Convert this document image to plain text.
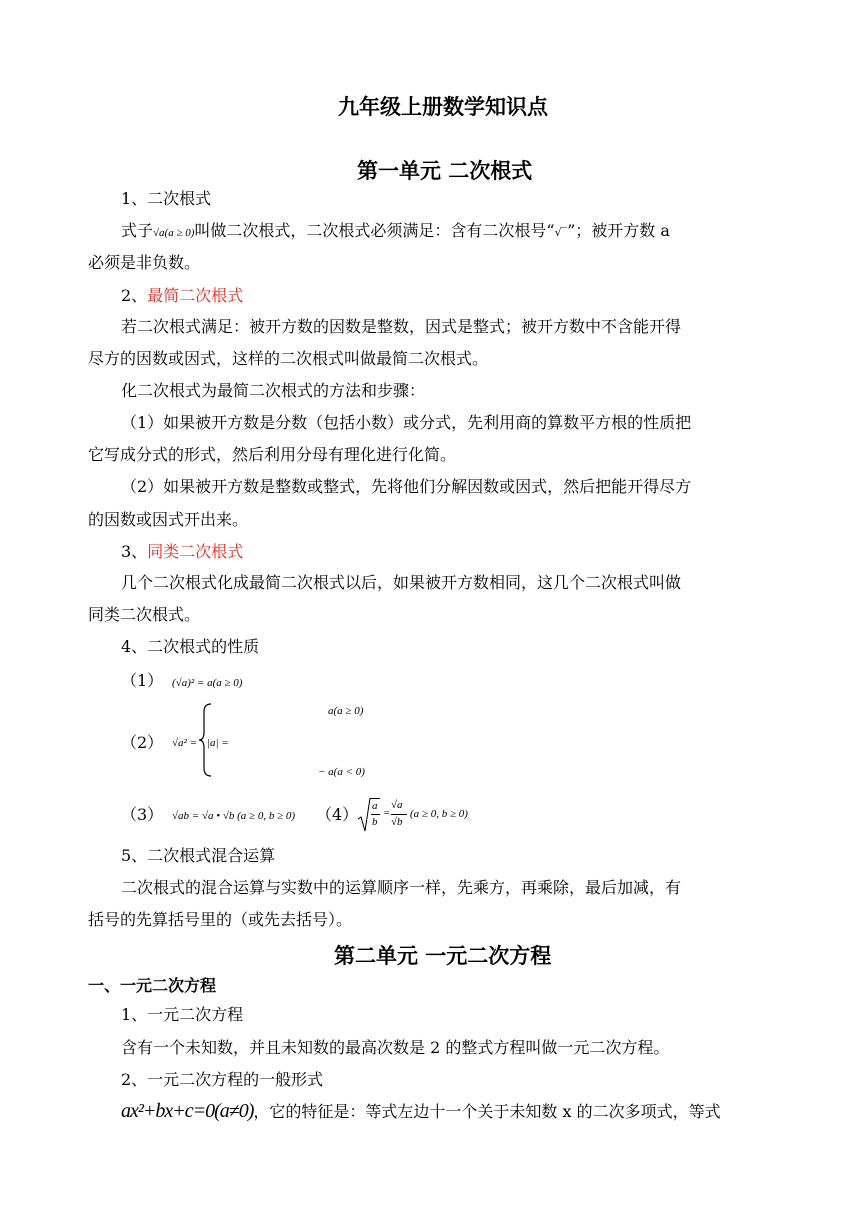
九年级上册数学知识点
第一单元 二次根式
1、二次根式
式子√a(a ≥ 0)叫做二次根式，二次根式必须满足：含有二次根号“√‾”；被开方数 a
必须是非负数。
2、最简二次根式
若二次根式满足：被开方数的因数是整数，因式是整式；被开方数中不含能开得
尽方的因数或因式，这样的二次根式叫做最简二次根式。
化二次根式为最简二次根式的方法和步骤：
（1）如果被开方数是分数（包括小数）或分式，先利用商的算数平方根的性质把
它写成分式的形式，然后利用分母有理化进行化简。
（2）如果被开方数是整数或整式，先将他们分解因数或因式，然后把能开得尽方
的因数或因式开出来。
3、同类二次根式
几个二次根式化成最简二次根式以后，如果被开方数相同，这几个二次根式叫做
同类二次根式。
4、二次根式的性质
（1） (√a)² = a(a ≥ 0)
（2） √a² = |a| =
a(a ≥ 0)
− a(a < 0)
（3） √ab = √a • √b (a ≥ 0, b ≥ 0) （4） a
b
=
√a
√b
(a ≥ 0, b ≥ 0)
5、二次根式混合运算
二次根式的混合运算与实数中的运算顺序一样，先乘方，再乘除，最后加减，有
括号的先算括号里的（或先去括号）。
第二单元 一元二次方程
一、一元二次方程
1、一元二次方程
含有一个未知数，并且未知数的最高次数是 2 的整式方程叫做一元二次方程。
2、一元二次方程的一般形式
ax²+bx+c=0(a≠0)，它的特征是：等式左边十一个关于未知数 x 的二次多项式，等式
